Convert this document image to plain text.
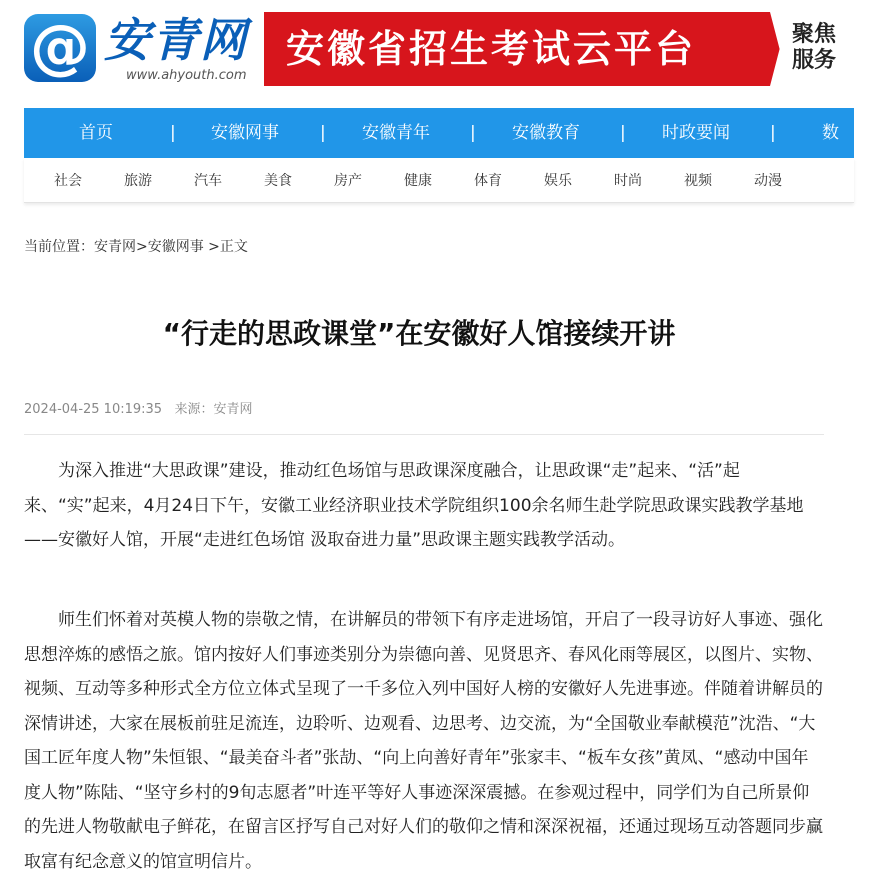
@ 安青网
www.ahyouth.com
安徽省招生考试云平台	聚焦
服务
首页	| 安徽网事 | 安徽青年 | 安徽教育 | 时政要闻 |	数
社会	旅游	汽车	美食	房产	健康	体育	娱乐	时尚	视频	动漫
当前位置：安青网>安徽网事 >正文
“行走的思政课堂”在安徽好人馆接续开讲
2024-04-25 10:19:35 来源：安青网

为深入推进“大思政课”建设，推动红色场馆与思政课深度融合，让思政课“走”起来、“活”起来、“实”起来，4月24日下午，安徽工业经济职业技术学院组织100余名师生赴学院思政课实践教学基地——安徽好人馆，开展“走进红色场馆 汲取奋进力量”思政课主题实践教学活动。

师生们怀着对英模人物的崇敬之情，在讲解员的带领下有序走进场馆，开启了一段寻访好人事迹、强化思想淬炼的感悟之旅。馆内按好人们事迹类别分为崇德向善、见贤思齐、春风化雨等展区，以图片、实物、视频、互动等多种形式全方位立体式呈现了一千多位入列中国好人榜的安徽好人先进事迹。伴随着讲解员的深情讲述，大家在展板前驻足流连，边聆听、边观看、边思考、边交流，为“全国敬业奉献模范”沈浩、“大国工匠年度人物”朱恒银、“最美奋斗者”张劼、“向上向善好青年”张家丰、“板车女孩”黄凤、“感动中国年度人物”陈陆、“坚守乡村的9旬志愿者”叶连平等好人事迹深深震撼。在参观过程中，同学们为自己所景仰的先进人物敬献电子鲜花，在留言区抒写自己对好人们的敬仰之情和深深祝福，还通过现场互动答题同步赢取富有纪念意义的馆宣明信片。
